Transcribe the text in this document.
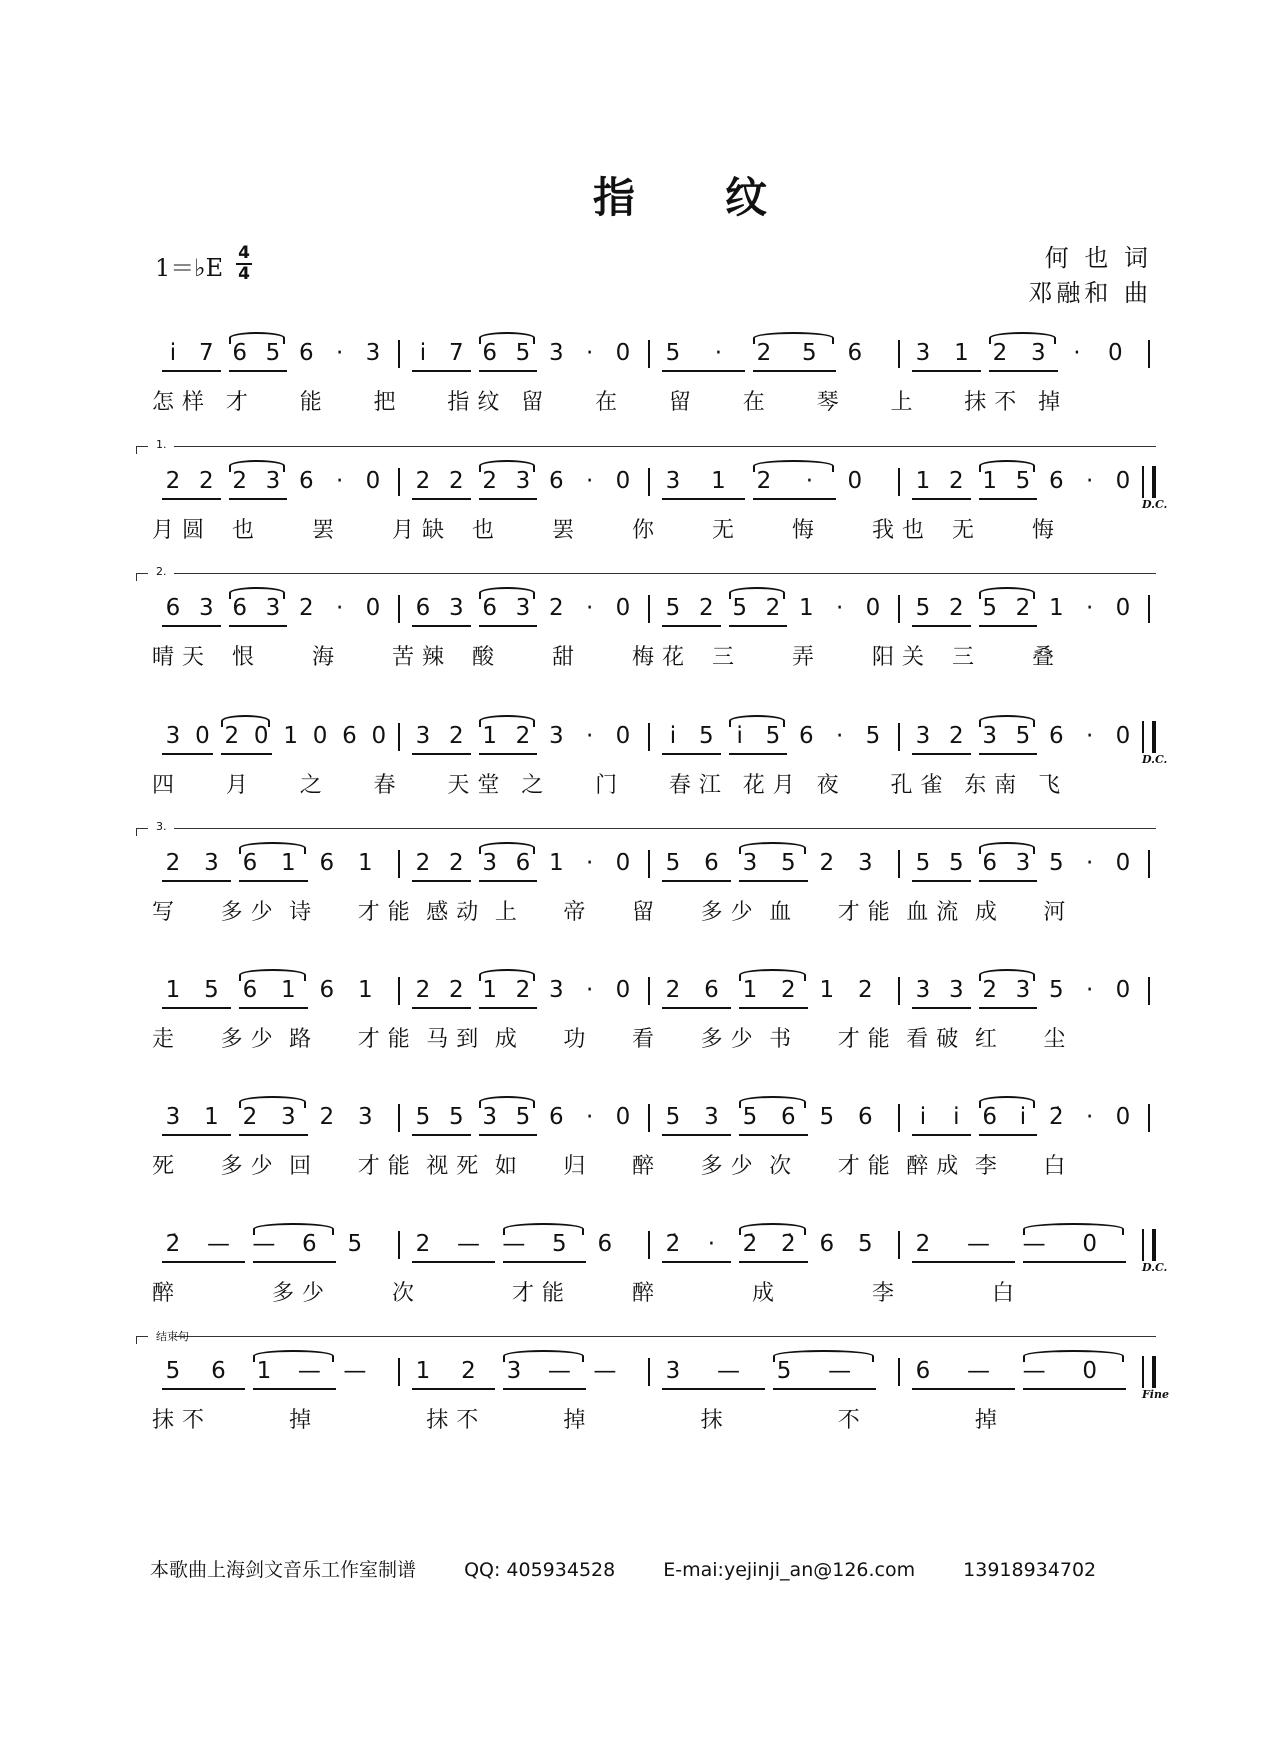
指纹
1＝♭E
4
4
何 也 词
邓融和 曲
i̇ 7 6 5 6 · 3	i̇ 7 6 5 3 · 0	5	·	2	5	6	3	1	2	3	·	0
怎样 才 能 把 指纹 留 在 留 在 琴 上 抹不 掉
1.
2 2 2 3 6 · 0	2 2 2 3 6 · 0	3	1	2	·	0	1 2 1 5 6 · 0
D.C.
月圆 也 罢 月缺 也 罢 你 无 悔 我也 无 悔
2.
6 3 6 3 2 · 0	6 3 6 3 2 · 0	5 2 5 2 1 · 0	5 2 5 2 1 · 0
晴天 恨 海 苦辣 酸 甜 梅花 三 弄 阳关 三 叠
3 0 2 0 1 0 6 0	3 2 1 2 3 · 0	i̇ 5 i̇ 5 6 · 5	3 2 3 5 6 · 0
D.C.
四 月 之 春 天堂 之 门 春江 花月 夜 孔雀 东南 飞
3.
2	3	6	1	6	1	2 2 3 6 1 · 0	5	6	3	5	2	3	5 5 6 3 5 · 0
写 多少 诗 才能 感动 上 帝 留 多少 血 才能 血流 成 河
1	5	6	1	6	1	2 2 1 2 3 · 0	2	6	1	2	1	2	3 3 2 3 5 · 0
走 多少 路 才能 马到 成 功 看 多少 书 才能 看破 红 尘
3	1	2	3	2	3	5 5 3 5 6 · 0	5	3	5	6	5	6	i̇	i̇ 6 i̇ 2̇ · 0
死 多少 回 才能 视死 如 归 醉 多少 次 才能 醉成 李 白
2̇	— —	6	5	2	— —	5	6	2̇	·	2̇	2̇	6	5	2	— —	0
D.C.
醉	多少	次	才能	醉	成	李	白
结束句
5	6	1	— —	1	2	3	— —	3	—	5	—	6	— —	0
Fine
抹不	掉	抹不	掉	抹	不	掉
本歌曲上海剑文音乐工作室制谱	QQ: 405934528	E-mai:yejinji_an@126.com	13918934702
